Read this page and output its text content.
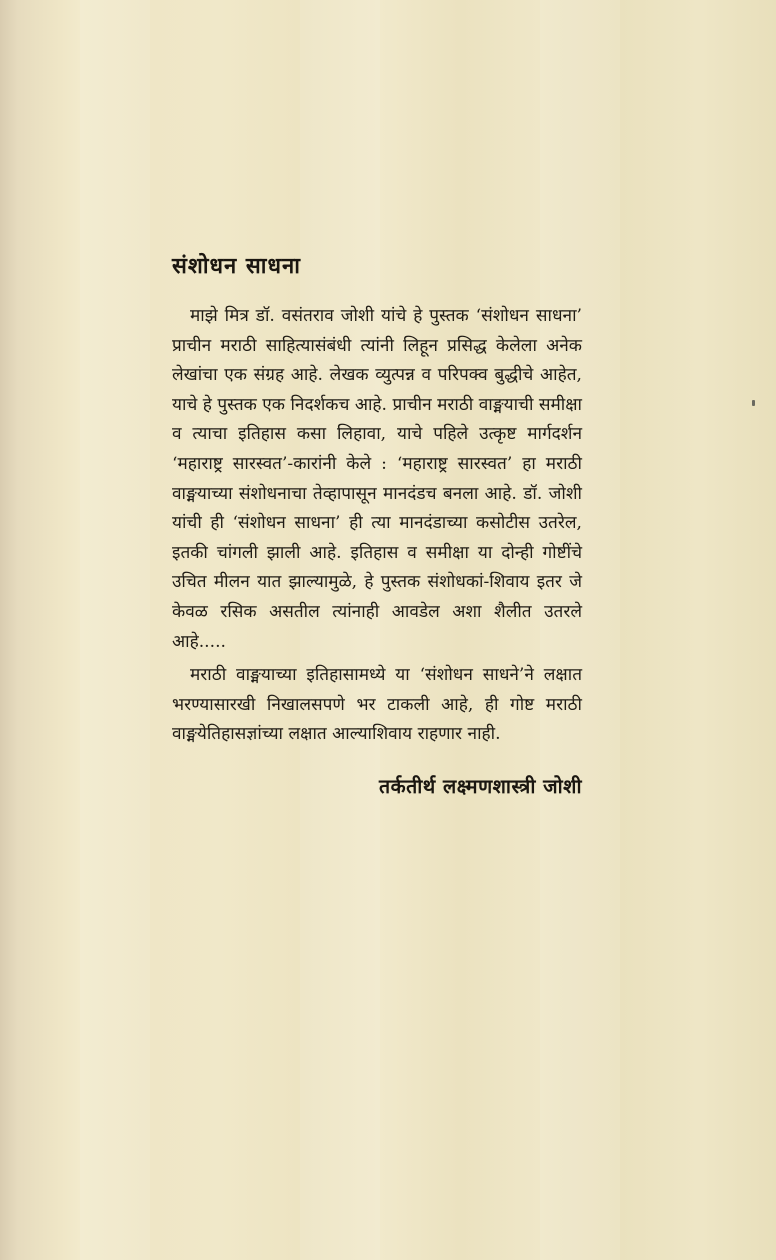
संशोधन साधना

माझे मित्र डॉ. वसंतराव जोशी यांचे हे पुस्तक ‘संशोधन साधना’ प्राचीन मराठी साहित्यासंबंधी त्यांनी लिहून प्रसिद्ध केलेला अनेक लेखांचा एक संग्रह आहे. लेखक व्युत्पन्न व परिपक्व बुद्धीचे आहेत, याचे हे पुस्तक एक निदर्शकच आहे. प्राचीन मराठी वाङ्मयाची समीक्षा व त्याचा इतिहास कसा लिहावा, याचे पहिले उत्कृष्ट मार्गदर्शन ‘महाराष्ट्र सारस्वत’-कारांनी केले : ‘महाराष्ट्र सारस्वत’ हा मराठी वाङ्मयाच्या संशोधनाचा तेव्हापासून मानदंडच बनला आहे. डॉ. जोशी यांची ही ‘संशोधन साधना’ ही त्या मानदंडाच्या कसोटीस उतरेल, इतकी चांगली झाली आहे. इतिहास व समीक्षा या दोन्ही गोष्टींचे उचित मीलन यात झाल्यामुळे, हे पुस्तक संशोधकां-शिवाय इतर जे केवळ रसिक असतील त्यांनाही आवडेल अशा शैलीत उतरले आहे.....

मराठी वाङ्मयाच्या इतिहासामध्ये या ‘संशोधन साधने’ने लक्षात भरण्यासारखी निखालसपणे भर टाकली आहे, ही गोष्ट मराठी वाङ्मयेतिहासज्ञांच्या लक्षात आल्याशिवाय राहणार नाही.

तर्कतीर्थ लक्ष्मणशास्त्री जोशी
